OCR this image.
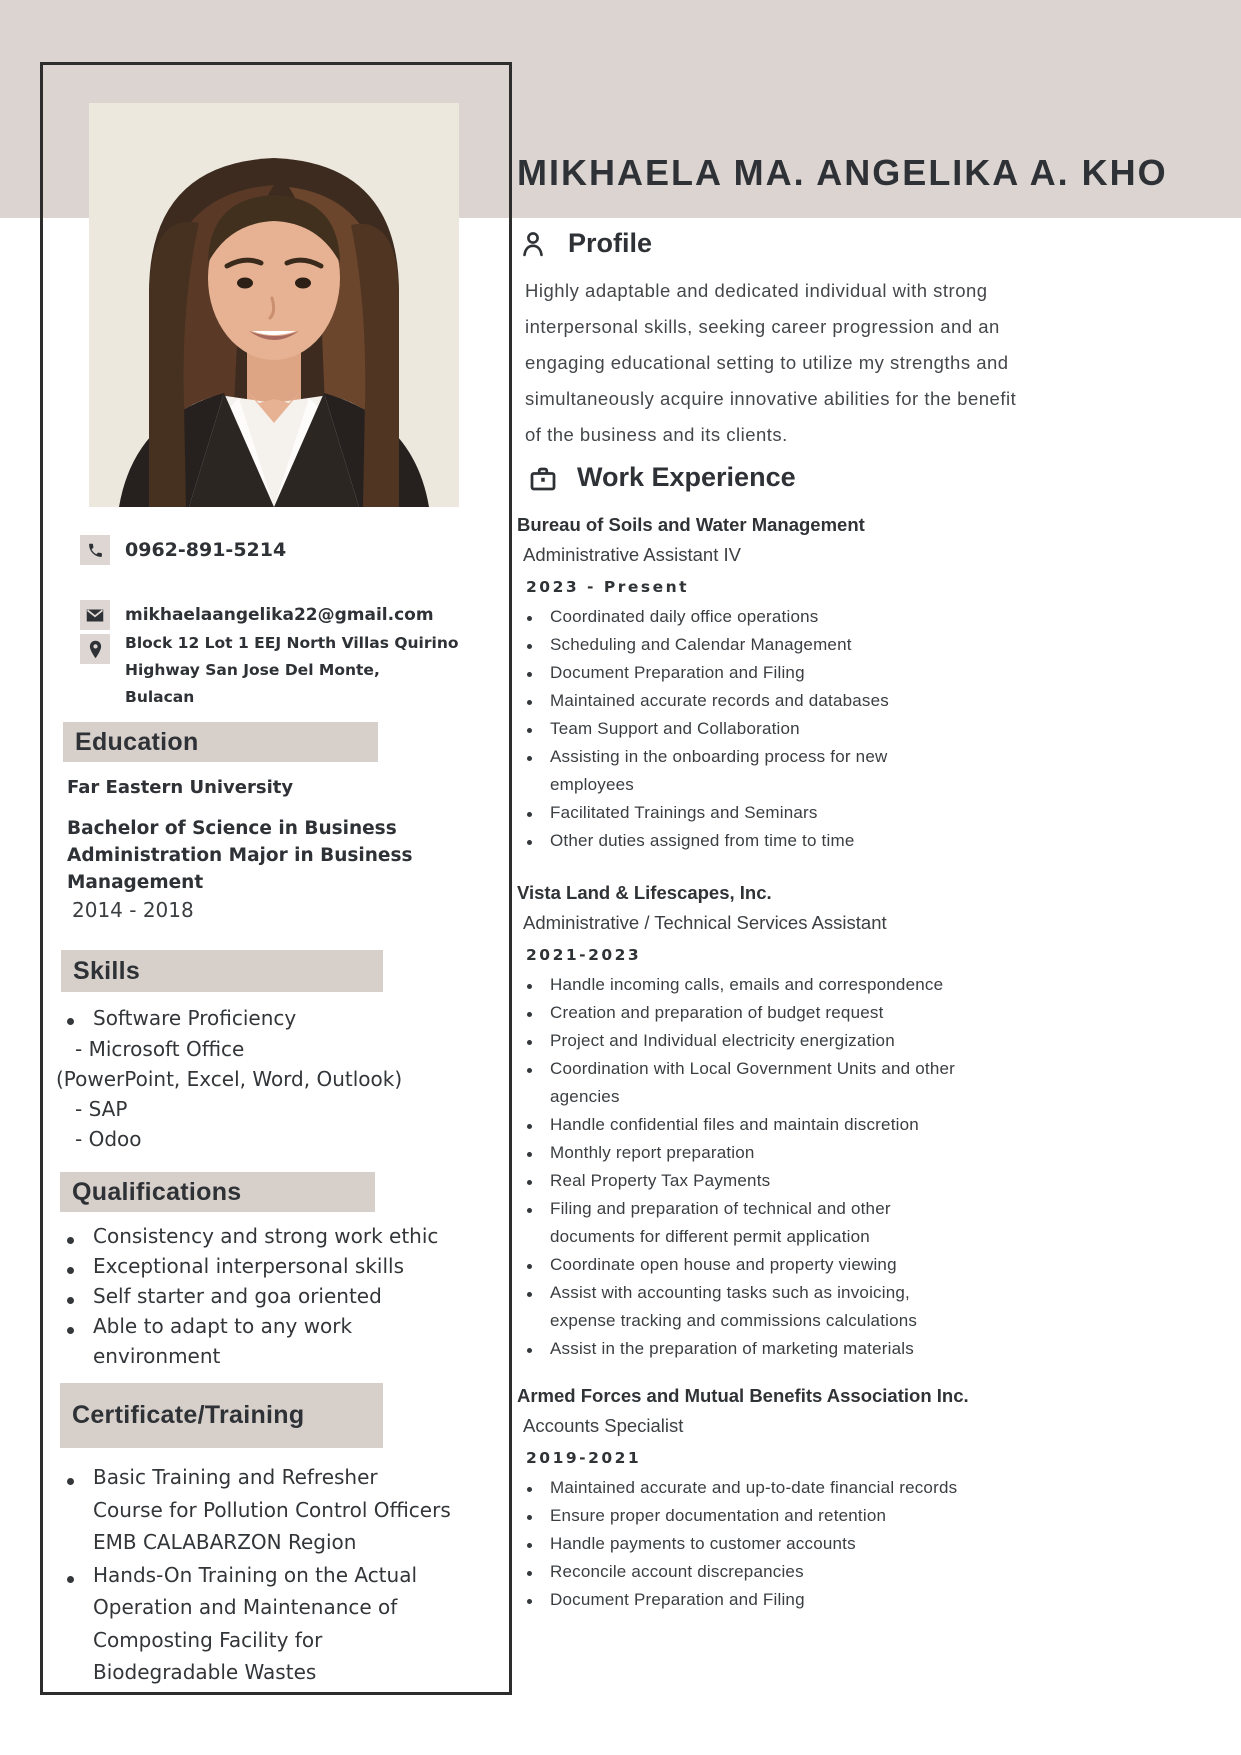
MIKHAELA MA. ANGELIKA A. KHO
0962-891-5214
mikhaelaangelika22@gmail.com
Block 12 Lot 1 EEJ North Villas Quirino
Highway San Jose Del Monte,
Bulacan
Education
Far Eastern University
Bachelor of Science in Business
Administration Major in Business
Management
2014 - 2018
Skills
Software Proficiency
- Microsoft Office
(PowerPoint, Excel, Word, Outlook)
- SAP
- Odoo
Qualifications
Consistency and strong work ethic
Exceptional interpersonal skills
Self starter and goa oriented
Able to adapt to any work
environment
Certificate/Training
Basic Training and Refresher
Course for Pollution Control Officers
EMB CALABARZON Region
Hands-On Training on the Actual
Operation and Maintenance of
Composting Facility for
Biodegradable Wastes
Profile
Highly adaptable and dedicated individual with strong
interpersonal skills, seeking career progression and an
engaging educational setting to utilize my strengths and
simultaneously acquire innovative abilities for the benefit
of the business and its clients.
Work Experience
Bureau of Soils and Water Management
Administrative Assistant IV
2023 - Present
Coordinated daily office operations
Scheduling and Calendar Management
Document Preparation and Filing
Maintained accurate records and databases
Team Support and Collaboration
Assisting in the onboarding process for new
employees
Facilitated Trainings and Seminars
Other duties assigned from time to time
Vista Land & Lifescapes, Inc.
Administrative / Technical Services Assistant
2021-2023
Handle incoming calls, emails and correspondence
Creation and preparation of budget request
Project and Individual electricity energization
Coordination with Local Government Units and other
agencies
Handle confidential files and maintain discretion
Monthly report preparation
Real Property Tax Payments
Filing and preparation of technical and other
documents for different permit application
Coordinate open house and property viewing
Assist with accounting tasks such as invoicing,
expense tracking and commissions calculations
Assist in the preparation of marketing materials
Armed Forces and Mutual Benefits Association Inc.
Accounts Specialist
2019-2021
Maintained accurate and up-to-date financial records
Ensure proper documentation and retention
Handle payments to customer accounts
Reconcile account discrepancies
Document Preparation and Filing
